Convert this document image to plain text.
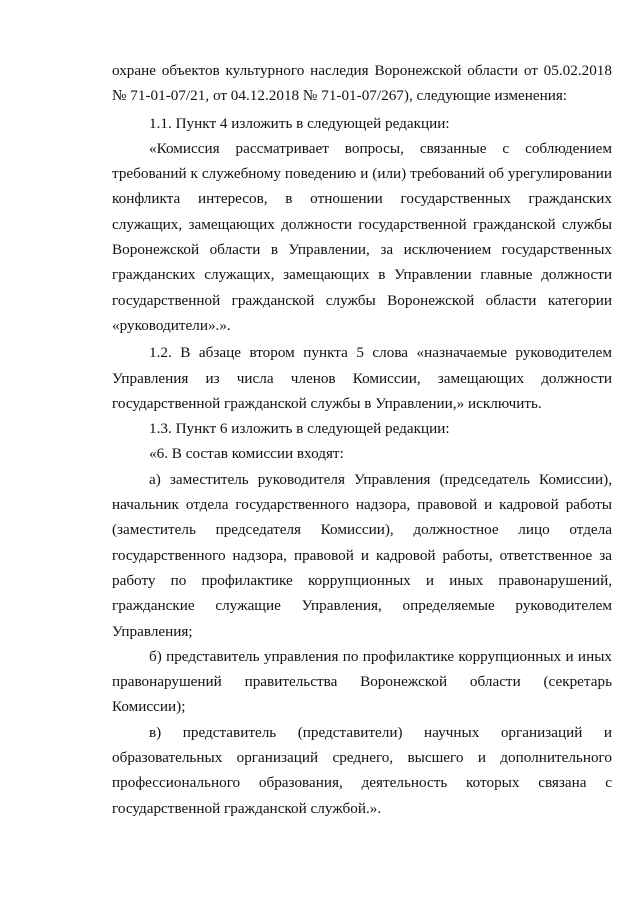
охране объектов культурного наследия Воронежской области от 05.02.2018 № 71-01-07/21, от 04.12.2018 № 71-01-07/267), следующие изменения:

1.1. Пункт 4 изложить в следующей редакции:

«Комиссия рассматривает вопросы, связанные с соблюдением требований к служебному поведению и (или) требований об урегулировании конфликта интересов, в отношении государственных гражданских служащих, замещающих должности государственной гражданской службы Воронежской области в Управлении, за исключением государственных гражданских служащих, замещающих в Управлении главные должности государственной гражданской службы Воронежской области категории «руководители».».

1.2. В абзаце втором пункта 5 слова «назначаемые руководителем Управления из числа членов Комиссии, замещающих должности государственной гражданской службы в Управлении,» исключить.

1.3. Пункт 6 изложить в следующей редакции:

«6. В состав комиссии входят:

а) заместитель руководителя Управления (председатель Комиссии), начальник отдела государственного надзора, правовой и кадровой работы (заместитель председателя Комиссии), должностное лицо отдела государственного надзора, правовой и кадровой работы, ответственное за работу по профилактике коррупционных и иных правонарушений, гражданские служащие Управления, определяемые руководителем Управления;

б) представитель управления по профилактике коррупционных и иных правонарушений правительства Воронежской области (секретарь Комиссии);

в) представитель (представители) научных организаций и образовательных организаций среднего, высшего и дополнительного профессионального образования, деятельность которых связана с государственной гражданской службой.».
